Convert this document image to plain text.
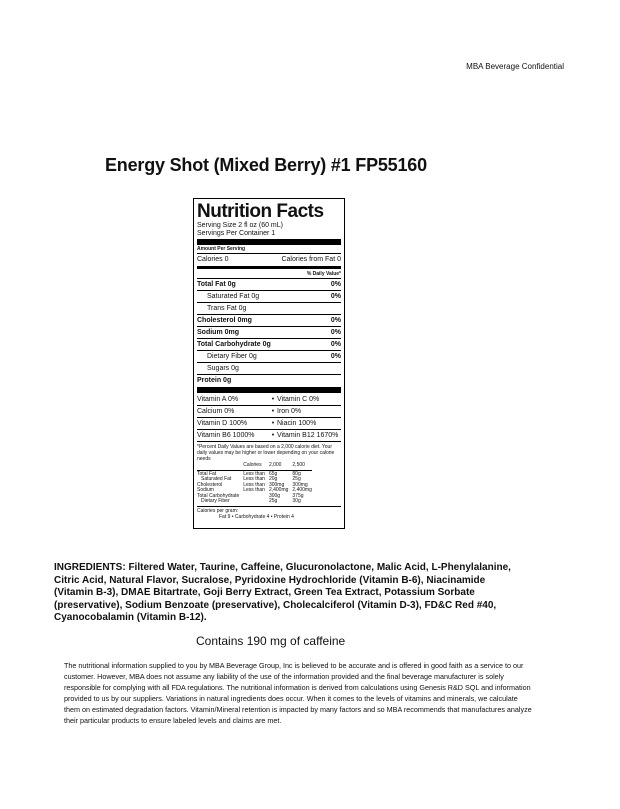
MBA Beverage Confidential
Energy Shot (Mixed Berry) #1 FP55160
Nutrition Facts
Serving Size 2 fl oz (60 mL)
Servings Per Container 1
Amount Per Serving
Calories 0	Calories from Fat 0
% Daily Value*
Total Fat 0g	0%
Saturated Fat 0g	0%
Trans Fat 0g
Cholesterol 0mg	0%
Sodium 0mg	0%
Total Carbohydrate 0g	0%
Dietary Fiber 0g	0%
Sugars 0g
Protein 0g
Vitamin A 0%	• Vitamin C 0%
Calcium 0%	• Iron 0%
Vitamin D 100%	• Niacin 100%
Vitamin B6 1000%	• Vitamin B12 1670%
*Percent Daily Values are based on a 2,000 calorie diet. Your daily values may be higher or lower depending on your calorie needs
	Calories	2,000	2,500

Total Fat	Less than	65g	80g
Saturated Fat	Less than	20g	25g
Cholesterol	Less than	300mg	300mg
Sodium	Less than	2,400mg	2,400mg
Total Carbohydrate		300g	375g
Dietary Fiber		25g	30g
Calories per gram:
Fat 9 • Carbohydrate 4 • Protein 4
INGREDIENTS: Filtered Water, Taurine, Caffeine, Glucuronolactone, Malic Acid, L-Phenylalanine, Citric Acid, Natural Flavor, Sucralose, Pyridoxine Hydrochloride (Vitamin B-6), Niacinamide (Vitamin B-3), DMAE Bitartrate, Goji Berry Extract, Green Tea Extract, Potassium Sorbate (preservative), Sodium Benzoate (preservative), Cholecalciferol (Vitamin D-3), FD&C Red #40, Cyanocobalamin (Vitamin B-12).
Contains 190 mg of caffeine
The nutritional information supplied to you by MBA Beverage Group, Inc is believed to be accurate and is offered in good faith as a service to our customer. However, MBA does not assume any liability of the use of the information provided and the final beverage manufacturer is solely responsible for complying with all FDA regulations. The nutritional information is derived from calculations using Genesis R&D SQL and information provided to us by our suppliers. Variations in natural ingredients does occur. When it comes to the levels of vitamins and minerals, we calculate them on estimated degradation factors. Vitamin/Mineral retention is impacted by many factors and so MBA recommends that manufactures analyze their particular products to ensure labeled levels and claims are met.
